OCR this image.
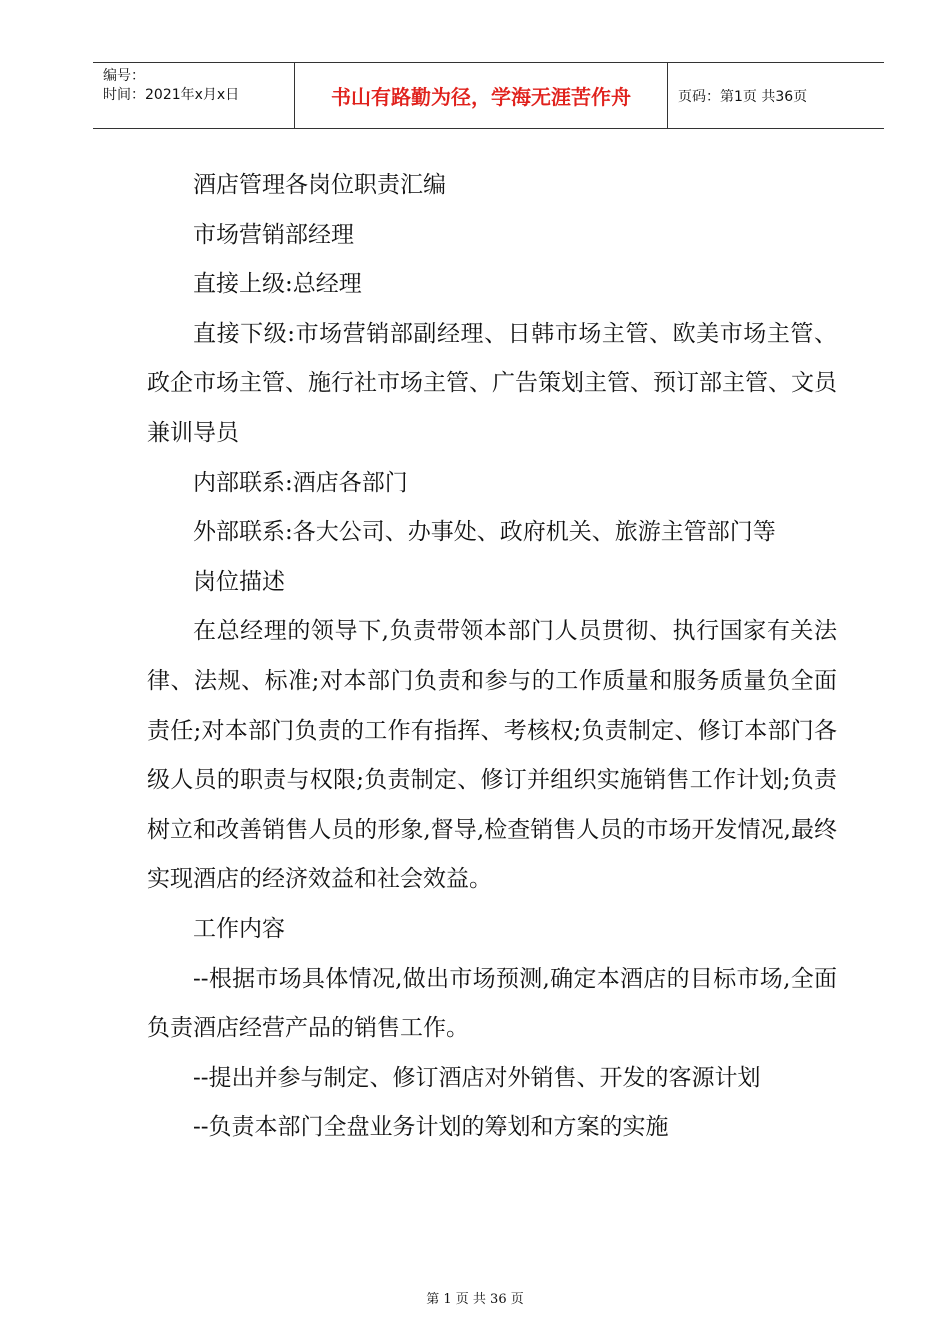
编号：
时间：2021年x月x日	书山有路勤为径，学海无涯苦作舟	页码：第1页 共36页

酒店管理各岗位职责汇编

市场营销部经理

直接上级:总经理

直接下级:市场营销部副经理、日韩市场主管、欧美市场主管、政企市场主管、施行社市场主管、广告策划主管、预订部主管、文员兼训导员

内部联系:酒店各部门

外部联系:各大公司、办事处、政府机关、旅游主管部门等

岗位描述

在总经理的领导下,负责带领本部门人员贯彻、执行国家有关法律、法规、标准;对本部门负责和参与的工作质量和服务质量负全面责任;对本部门负责的工作有指挥、考核权;负责制定、修订本部门各级人员的职责与权限;负责制定、修订并组织实施销售工作计划;负责树立和改善销售人员的形象,督导,检查销售人员的市场开发情况,最终实现酒店的经济效益和社会效益。

工作内容

--根据市场具体情况,做出市场预测,确定本酒店的目标市场,全面负责酒店经营产品的销售工作。

--提出并参与制定、修订酒店对外销售、开发的客源计划

--负责本部门全盘业务计划的筹划和方案的实施

第 1 页 共 36 页
